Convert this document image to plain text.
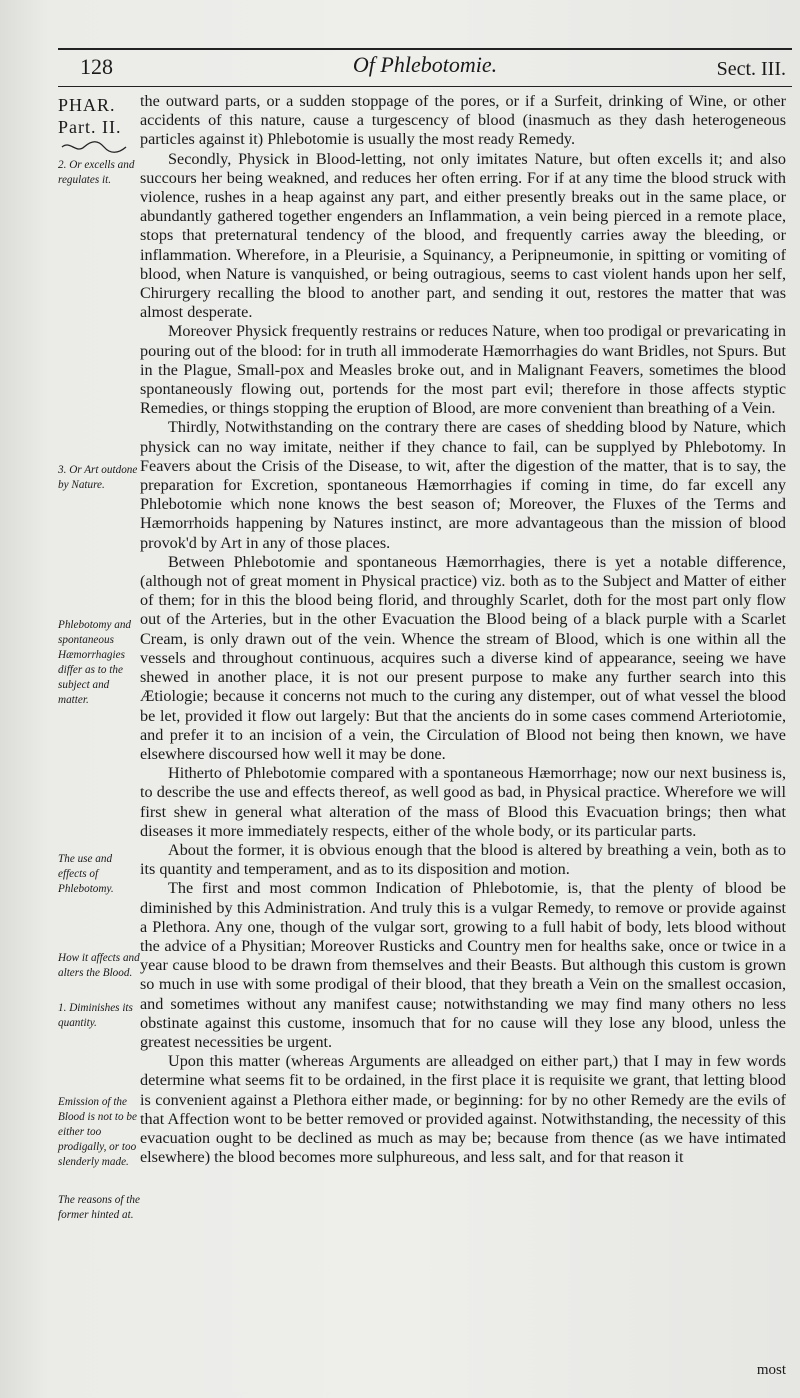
128	Of Phlebotomie.	Sect. III.
PHAR.
Part. II.
2. Or excells and regulates it.
3. Or Art outdone by Nature.
Phlebotomy and spontaneous Hæmorrhagies differ as to the subject and matter.
The use and effects of Phlebotomy.
How it affects and alters the Blood.
1. Diminishes its quantity.
Emission of the Blood is not to be either too prodigally, or too slenderly made.
The reasons of the former hinted at.

the outward parts, or a sudden stoppage of the pores, or if a Surfeit, drinking of Wine, or other accidents of this nature, cause a turgescency of blood (inasmuch as they dash heterogeneous particles against it) Phlebotomie is usually the most ready Remedy.

Secondly, Physick in Blood-letting, not only imitates Nature, but often excells it; and also succours her being weakned, and reduces her often erring. For if at any time the blood struck with violence, rushes in a heap against any part, and either presently breaks out in the same place, or abundantly gathered together engenders an Inflammation, a vein being pierced in a remote place, stops that preternatural tendency of the blood, and frequently carries away the bleeding, or inflammation. Wherefore, in a Pleurisie, a Squinancy, a Peripneumonie, in spitting or vomiting of blood, when Nature is vanquished, or being outragious, seems to cast violent hands upon her self, Chirurgery recalling the blood to another part, and sending it out, restores the matter that was almost desperate.

Moreover Physick frequently restrains or reduces Nature, when too prodigal or prevaricating in pouring out of the blood: for in truth all immoderate Hæmorrhagies do want Bridles, not Spurs. But in the Plague, Small-pox and Measles broke out, and in Malignant Feavers, sometimes the blood spontaneously flowing out, portends for the most part evil; therefore in those affects styptic Remedies, or things stopping the eruption of Blood, are more convenient than breathing of a Vein.

Thirdly, Notwithstanding on the contrary there are cases of shedding blood by Nature, which physick can no way imitate, neither if they chance to fail, can be supplyed by Phlebotomy. In Feavers about the Crisis of the Disease, to wit, after the digestion of the matter, that is to say, the preparation for Excretion, spontaneous Hæmorrhagies if coming in time, do far excell any Phlebotomie which none knows the best season of; Moreover, the Fluxes of the Terms and Hæmorrhoids happening by Natures instinct, are more advantageous than the mission of blood provok'd by Art in any of those places.

Between Phlebotomie and spontaneous Hæmorrhagies, there is yet a notable difference, (although not of great moment in Physical practice) viz. both as to the Subject and Matter of either of them; for in this the blood being florid, and throughly Scarlet, doth for the most part only flow out of the Arteries, but in the other Evacuation the Blood being of a black purple with a Scarlet Cream, is only drawn out of the vein. Whence the stream of Blood, which is one within all the vessels and throughout continuous, acquires such a diverse kind of appearance, seeing we have shewed in another place, it is not our present purpose to make any further search into this Ætiologie; because it concerns not much to the curing any distemper, out of what vessel the blood be let, provided it flow out largely: But that the ancients do in some cases commend Arteriotomie, and prefer it to an incision of a vein, the Circulation of Blood not being then known, we have elsewhere discoursed how well it may be done.

Hitherto of Phlebotomie compared with a spontaneous Hæmorrhage; now our next business is, to describe the use and effects thereof, as well good as bad, in Physical practice. Wherefore we will first shew in general what alteration of the mass of Blood this Evacuation brings; then what diseases it more immediately respects, either of the whole body, or its particular parts.

About the former, it is obvious enough that the blood is altered by breathing a vein, both as to its quantity and temperament, and as to its disposition and motion.

The first and most common Indication of Phlebotomie, is, that the plenty of blood be diminished by this Administration. And truly this is a vulgar Remedy, to remove or provide against a Plethora. Any one, though of the vulgar sort, growing to a full habit of body, lets blood without the advice of a Physitian; Moreover Rusticks and Country men for healths sake, once or twice in a year cause blood to be drawn from themselves and their Beasts. But although this custom is grown so much in use with some prodigal of their blood, that they breath a Vein on the smallest occasion, and sometimes without any manifest cause; notwithstanding we may find many others no less obstinate against this custome, insomuch that for no cause will they lose any blood, unless the greatest necessities be urgent.

Upon this matter (whereas Arguments are alleadged on either part,) that I may in few words determine what seems fit to be ordained, in the first place it is requisite we grant, that letting blood is convenient against a Plethora either made, or beginning: for by no other Remedy are the evils of that Affection wont to be better removed or provided against. Notwithstanding, the necessity of this evacuation ought to be declined as much as may be; because from thence (as we have intimated elsewhere) the blood becomes more sulphureous, and less salt, and for that reason it

most
